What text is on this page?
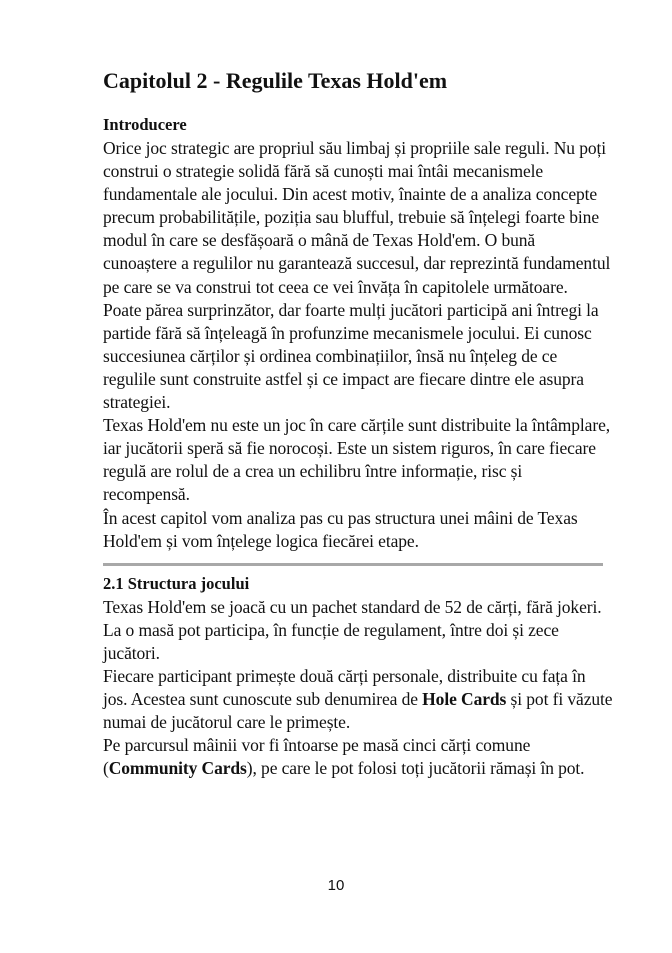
Capitolul 2 - Regulile Texas Hold'em
Introducere

Orice joc strategic are propriul său limbaj și propriile sale reguli. Nu poți construi o strategie solidă fără să cunoști mai întâi mecanismele fundamentale ale jocului. Din acest motiv, înainte de a analiza concepte precum probabilitățile, poziția sau blufful, trebuie să înțelegi foarte bine modul în care se desfășoară o mână de Texas Hold'em. O bună cunoaștere a regulilor nu garantează succesul, dar reprezintă fundamentul pe care se va construi tot ceea ce vei învăța în capitolele următoare.

Poate părea surprinzător, dar foarte mulți jucători participă ani întregi la partide fără să înțeleagă în profunzime mecanismele jocului. Ei cunosc succesiunea cărților și ordinea combinațiilor, însă nu înțeleg de ce regulile sunt construite astfel și ce impact are fiecare dintre ele asupra strategiei.

Texas Hold'em nu este un joc în care cărțile sunt distribuite la întâmplare, iar jucătorii speră să fie norocoși. Este un sistem riguros, în care fiecare regulă are rolul de a crea un echilibru între informație, risc și recompensă.

În acest capitol vom analiza pas cu pas structura unei mâini de Texas Hold'em și vom înțelege logica fiecărei etape.

2.1 Structura jocului

Texas Hold'em se joacă cu un pachet standard de 52 de cărți, fără jokeri.

La o masă pot participa, în funcție de regulament, între doi și zece jucători.

Fiecare participant primește două cărți personale, distribuite cu fața în jos. Acestea sunt cunoscute sub denumirea de Hole Cards și pot fi văzute numai de jucătorul care le primește.

Pe parcursul mâinii vor fi întoarse pe masă cinci cărți comune (Community Cards), pe care le pot folosi toți jucătorii rămași în pot.

10
